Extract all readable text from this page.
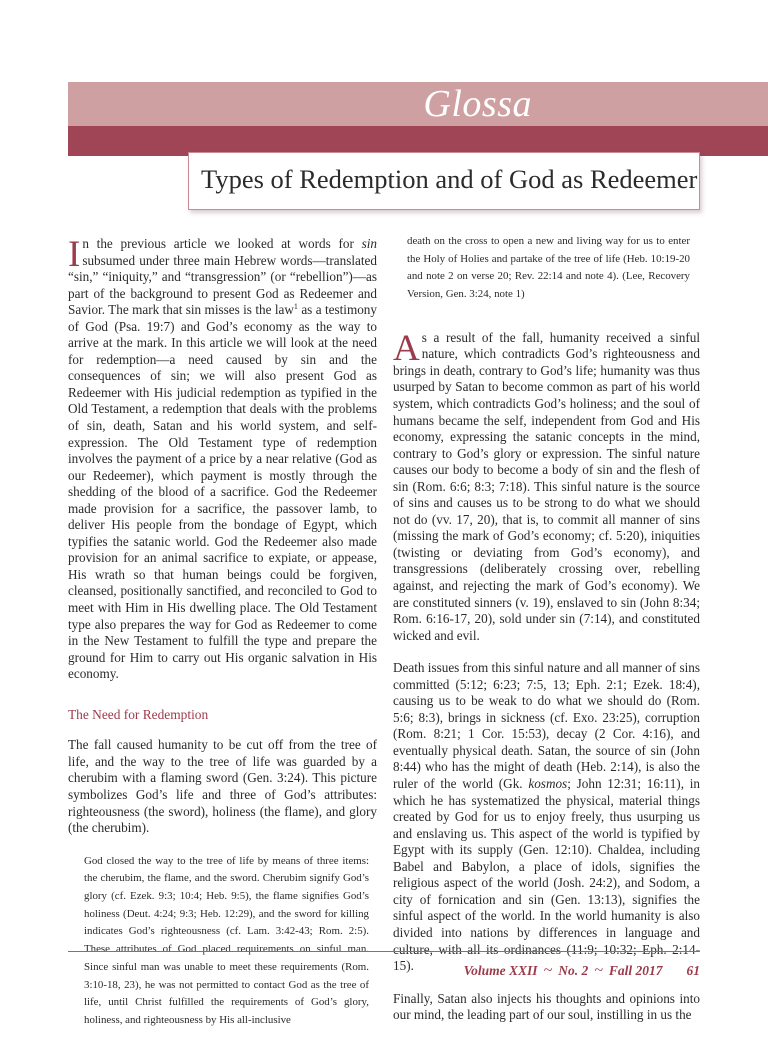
Glossa
Types of Redemption and of God as Redeemer

In the previous article we looked at words for sin subsumed under three main Hebrew words—translated “sin,” “iniquity,” and “transgression” (or “rebellion”)—as part of the background to present God as Redeemer and Savior. The mark that sin misses is the law$^1$ as a testimony of God (Psa. 19:7) and God’s economy as the way to arrive at the mark. In this article we will look at the need for redemption—a need caused by sin and the consequences of sin; we will also present God as Redeemer with His judicial redemption as typified in the Old Testament, a redemption that deals with the problems of sin, death, Satan and his world system, and self-expression. The Old Testament type of redemption involves the payment of a price by a near relative (God as our Redeemer), which payment is mostly through the shedding of the blood of a sacrifice. God the Redeemer made provision for a sacrifice, the passover lamb, to deliver His people from the bondage of Egypt, which typifies the satanic world. God the Redeemer also made provision for an animal sacrifice to expiate, or appease, His wrath so that human beings could be forgiven, cleansed, positionally sanctified, and reconciled to God to meet with Him in His dwelling place. The Old Testament type also prepares the way for God as Redeemer to come in the New Testament to fulfill the type and prepare the ground for Him to carry out His organic salvation in His economy.

The Need for Redemption

The fall caused humanity to be cut off from the tree of life, and the way to the tree of life was guarded by a cherubim with a flaming sword (Gen. 3:24). This picture symbolizes God’s life and three of God’s attributes: righteousness (the sword), holiness (the flame), and glory (the cherubim).

God closed the way to the tree of life by means of three items: the cherubim, the flame, and the sword. Cherubim signify God’s glory (cf. Ezek. 9:3; 10:4; Heb. 9:5), the flame signifies God’s holiness (Deut. 4:24; 9:3; Heb. 12:29), and the sword for killing indicates God’s righteousness (cf. Lam. 3:42-43; Rom. 2:5). These attributes of God placed requirements on sinful man. Since sinful man was unable to meet these requirements (Rom. 3:10-18, 23), he was not permitted to contact God as the tree of life, until Christ fulfilled the requirements of God’s glory, holiness, and righteousness by His all-inclusive

death on the cross to open a new and living way for us to enter the Holy of Holies and partake of the tree of life (Heb. 10:19-20 and note 2 on verse 20; Rev. 22:14 and note 4). (Lee, Recovery Version, Gen. 3:24, note 1)

As a result of the fall, humanity received a sinful nature, which contradicts God’s righteousness and brings in death, contrary to God’s life; humanity was thus usurped by Satan to become common as part of his world system, which contradicts God’s holiness; and the soul of humans became the self, independent from God and His economy, expressing the satanic concepts in the mind, contrary to God’s glory or expression. The sinful nature causes our body to become a body of sin and the flesh of sin (Rom. 6:6; 8:3; 7:18). This sinful nature is the source of sins and causes us to be strong to do what we should not do (vv. 17, 20), that is, to commit all manner of sins (missing the mark of God’s economy; cf. 5:20), iniquities (twisting or deviating from God’s economy), and transgressions (deliberately crossing over, rebelling against, and rejecting the mark of God’s economy). We are constituted sinners (v. 19), enslaved to sin (John 8:34; Rom. 6:16-17, 20), sold under sin (7:14), and constituted wicked and evil.

Death issues from this sinful nature and all manner of sins committed (5:12; 6:23; 7:5, 13; Eph. 2:1; Ezek. 18:4), causing us to be weak to do what we should do (Rom. 5:6; 8:3), brings in sickness (cf. Exo. 23:25), corruption (Rom. 8:21; 1 Cor. 15:53), decay (2 Cor. 4:16), and eventually physical death. Satan, the source of sin (John 8:44) who has the might of death (Heb. 2:14), is also the ruler of the world (Gk. kosmos; John 12:31; 16:11), in which he has systematized the physical, material things created by God for us to enjoy freely, thus usurping us and enslaving us. This aspect of the world is typified by Egypt with its supply (Gen. 12:10). Chaldea, including Babel and Babylon, a place of idols, signifies the religious aspect of the world (Josh. 24:2), and Sodom, a city of fornication and sin (Gen. 13:13), signifies the sinful aspect of the world. In the world humanity is also divided into nations by differences in language and culture, with all its ordinances (11:9; 10:32; Eph. 2:14-15).

Finally, Satan also injects his thoughts and opinions into our mind, the leading part of our soul, instilling in us the

Volume XXII ~ No. 2 ~ Fall 2017 61
